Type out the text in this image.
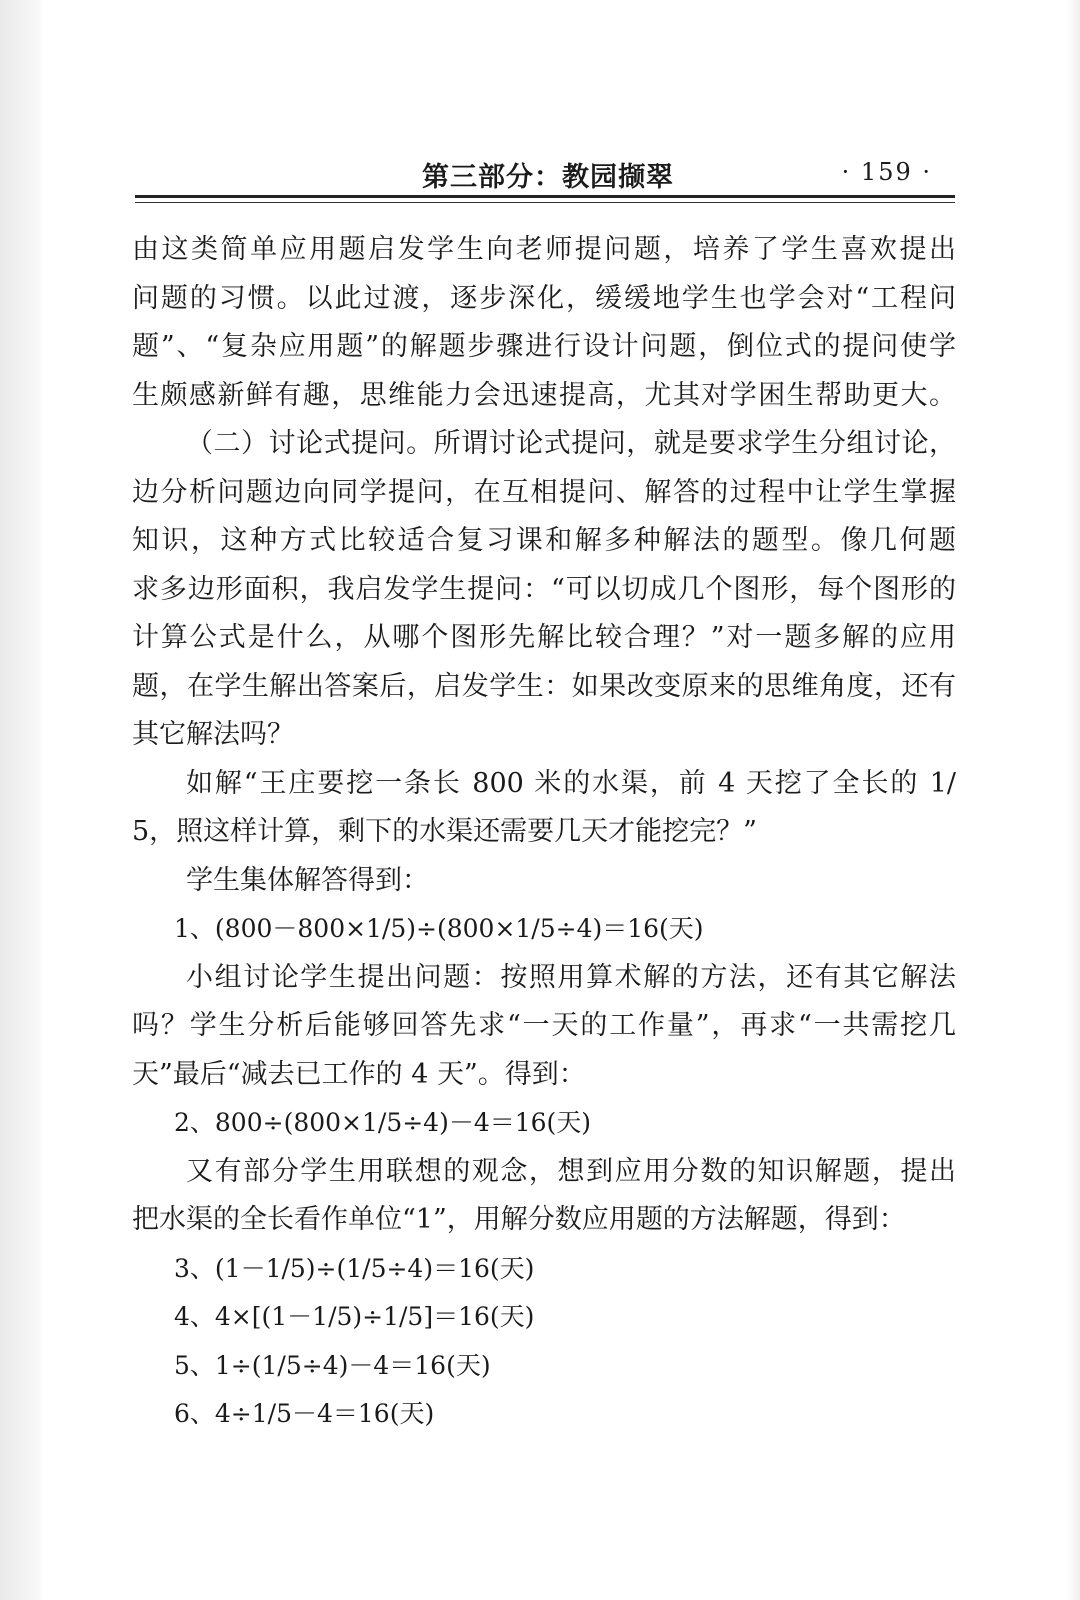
第三部分：教园撷翠	· 159 ·
由这类简单应用题启发学生向老师提问题，培养了学生喜欢提出
问题的习惯。以此过渡，逐步深化，缓缓地学生也学会对“工程问
题”、“复杂应用题”的解题步骤进行设计问题，倒位式的提问使学
生颇感新鲜有趣，思维能力会迅速提高，尤其对学困生帮助更大。
（二）讨论式提问。所谓讨论式提问，就是要求学生分组讨论，
边分析问题边向同学提问，在互相提问、解答的过程中让学生掌握
知识，这种方式比较适合复习课和解多种解法的题型。像几何题
求多边形面积，我启发学生提问：“可以切成几个图形，每个图形的
计算公式是什么，从哪个图形先解比较合理？”对一题多解的应用
题，在学生解出答案后，启发学生：如果改变原来的思维角度，还有
其它解法吗？
如解“王庄要挖一条长 800 米的水渠，前 4 天挖了全长的 1/
5，照这样计算，剩下的水渠还需要几天才能挖完？”
学生集体解答得到：
1、(800－800×1/5)÷(800×1/5÷4)＝16(天)
小组讨论学生提出问题：按照用算术解的方法，还有其它解法
吗？学生分析后能够回答先求“一天的工作量”，再求“一共需挖几
天”最后“减去已工作的 4 天”。得到：
2、800÷(800×1/5÷4)－4＝16(天)
又有部分学生用联想的观念，想到应用分数的知识解题，提出
把水渠的全长看作单位“1”，用解分数应用题的方法解题，得到：
3、(1－1/5)÷(1/5÷4)＝16(天)
4、4×[(1－1/5)÷1/5]＝16(天)
5、1÷(1/5÷4)－4＝16(天)
6、4÷1/5－4＝16(天)
